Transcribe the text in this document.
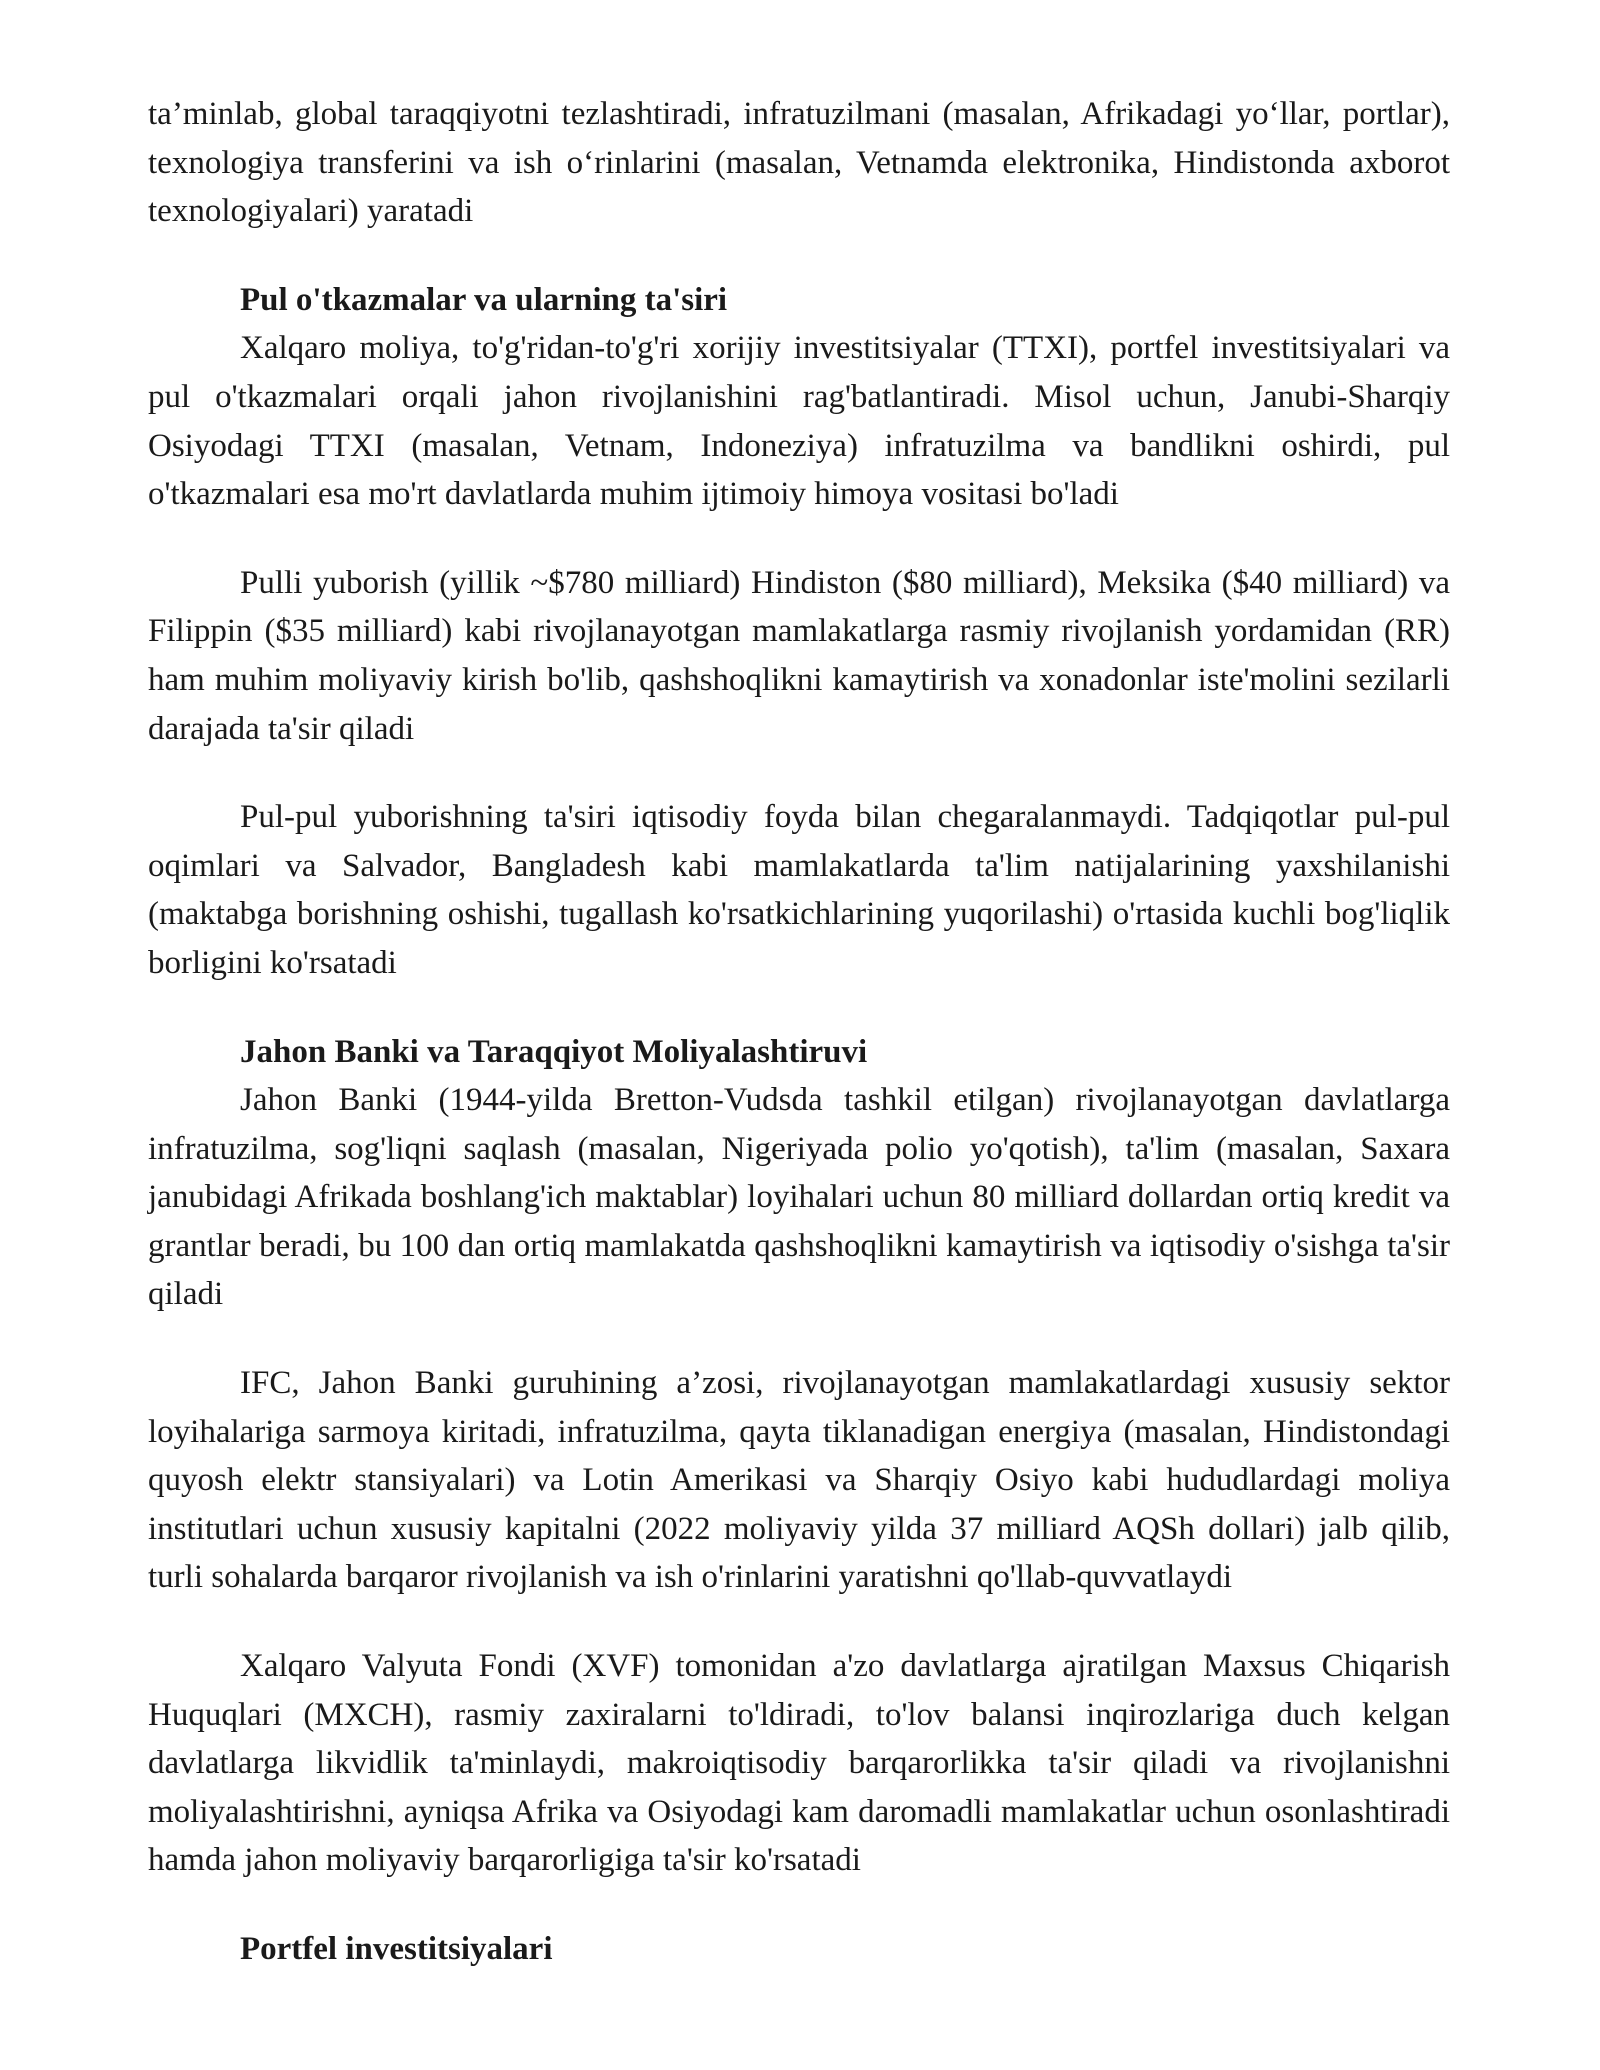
ta’minlab, global taraqqiyotni tezlashtiradi, infratuzilmani (masalan, Afrikadagi yo‘llar, portlar), texnologiya transferini va ish o‘rinlarini (masalan, Vetnamda elektronika, Hindistonda axborot texnologiyalari) yaratadi

Pul o'tkazmalar va ularning ta'siri

Xalqaro moliya, to'g'ridan-to'g'ri xorijiy investitsiyalar (TTXI), portfel investitsiyalari va pul o'tkazmalari orqali jahon rivojlanishini rag'batlantiradi. Misol uchun, Janubi-Sharqiy Osiyodagi TTXI (masalan, Vetnam, Indoneziya) infratuzilma va bandlikni oshirdi, pul o'tkazmalari esa mo'rt davlatlarda muhim ijtimoiy himoya vositasi bo'ladi

Pulli yuborish (yillik ~$780 milliard) Hindiston ($80 milliard), Meksika ($40 milliard) va Filippin ($35 milliard) kabi rivojlanayotgan mamlakatlarga rasmiy rivojlanish yordamidan (RR) ham muhim moliyaviy kirish bo'lib, qashshoqlikni kamaytirish va xonadonlar iste'molini sezilarli darajada ta'sir qiladi

Pul-pul yuborishning ta'siri iqtisodiy foyda bilan chegaralanmaydi. Tadqiqotlar pul-pul oqimlari va Salvador, Bangladesh kabi mamlakatlarda ta'lim natijalarining yaxshilanishi (maktabga borishning oshishi, tugallash ko'rsatkichlarining yuqorilashi) o'rtasida kuchli bog'liqlik borligini ko'rsatadi

Jahon Banki va Taraqqiyot Moliyalashtiruvi

Jahon Banki (1944-yilda Bretton-Vudsda tashkil etilgan) rivojlanayotgan davlatlarga infratuzilma, sog'liqni saqlash (masalan, Nigeriyada polio yo'qotish), ta'lim (masalan, Saxara janubidagi Afrikada boshlang'ich maktablar) loyihalari uchun 80 milliard dollardan ortiq kredit va grantlar beradi, bu 100 dan ortiq mamlakatda qashshoqlikni kamaytirish va iqtisodiy o'sishga ta'sir qiladi

IFC, Jahon Banki guruhining a’zosi, rivojlanayotgan mamlakatlardagi xususiy sektor loyihalariga sarmoya kiritadi, infratuzilma, qayta tiklanadigan energiya (masalan, Hindistondagi quyosh elektr stansiyalari) va Lotin Amerikasi va Sharqiy Osiyo kabi hududlardagi moliya institutlari uchun xususiy kapitalni (2022 moliyaviy yilda 37 milliard AQSh dollari) jalb qilib, turli sohalarda barqaror rivojlanish va ish o'rinlarini yaratishni qo'llab-quvvatlaydi

Xalqaro Valyuta Fondi (XVF) tomonidan a'zo davlatlarga ajratilgan Maxsus Chiqarish Huquqlari (MXCH), rasmiy zaxiralarni to'ldiradi, to'lov balansi inqirozlariga duch kelgan davlatlarga likvidlik ta'minlaydi, makroiqtisodiy barqarorlikka ta'sir qiladi va rivojlanishni moliyalashtirishni, ayniqsa Afrika va Osiyodagi kam daromadli mamlakatlar uchun osonlashtiradi hamda jahon moliyaviy barqarorligiga ta'sir ko'rsatadi

Portfel investitsiyalari
